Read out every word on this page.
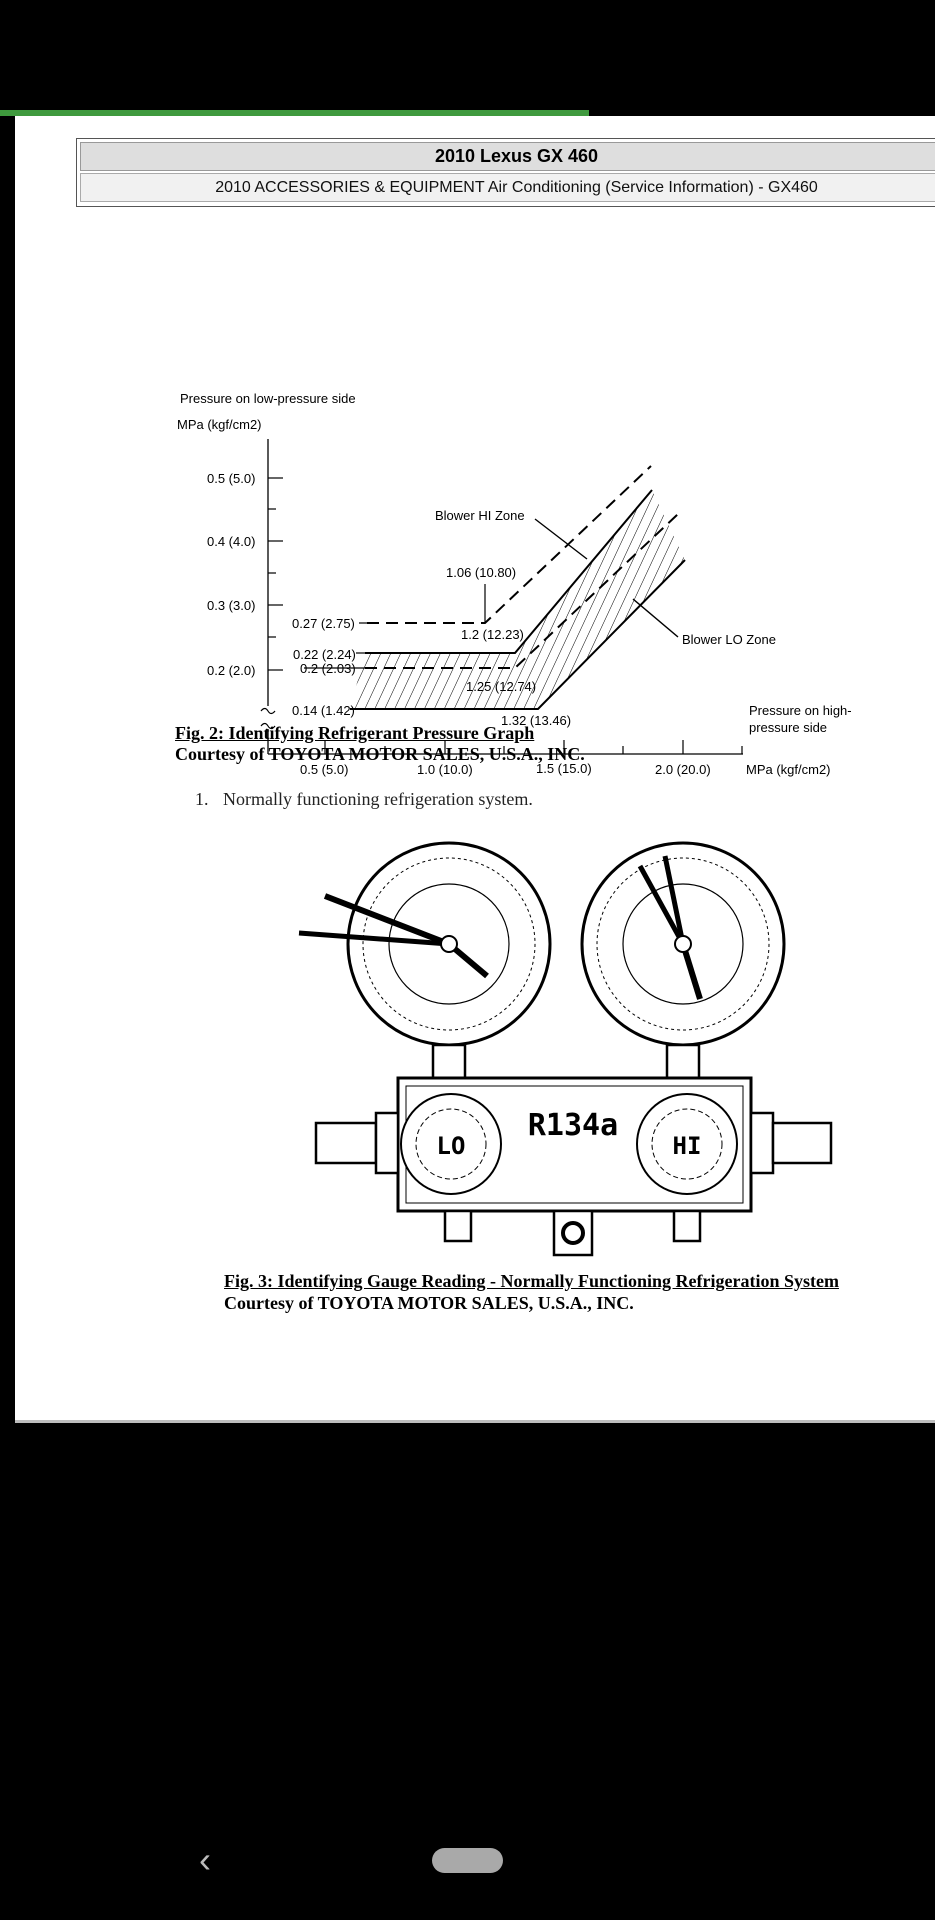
2010 Lexus GX 460
2010 ACCESSORIES & EQUIPMENT Air Conditioning (Service Information) - GX460
Pressure on low-pressure side
MPa (kgf/cm2)
0.5 (5.0)
0.4 (4.0)
0.3 (3.0)
0.2 (2.0)
0.5 (5.0)	1.0 (10.0)	1.5 (15.0)	2.0 (20.0)	MPa (kgf/cm2)
Pressure on high-
pressure side
Blower HI Zone
Blower LO Zone
1.06 (10.80)
0.27 (2.75)
1.2 (12.23)
0.22 (2.24)
0.2 (2.03)
1.25 (12.74)
0.14 (1.42)
1.32 (13.46)
Fig. 2: Identifying Refrigerant Pressure Graph
Courtesy of TOYOTA MOTOR SALES, U.S.A., INC.
1. Normally functioning refrigeration system.
LO	HI
R134a
Fig. 3: Identifying Gauge Reading - Normally Functioning Refrigeration System
Courtesy of TOYOTA MOTOR SALES, U.S.A., INC.
‹
